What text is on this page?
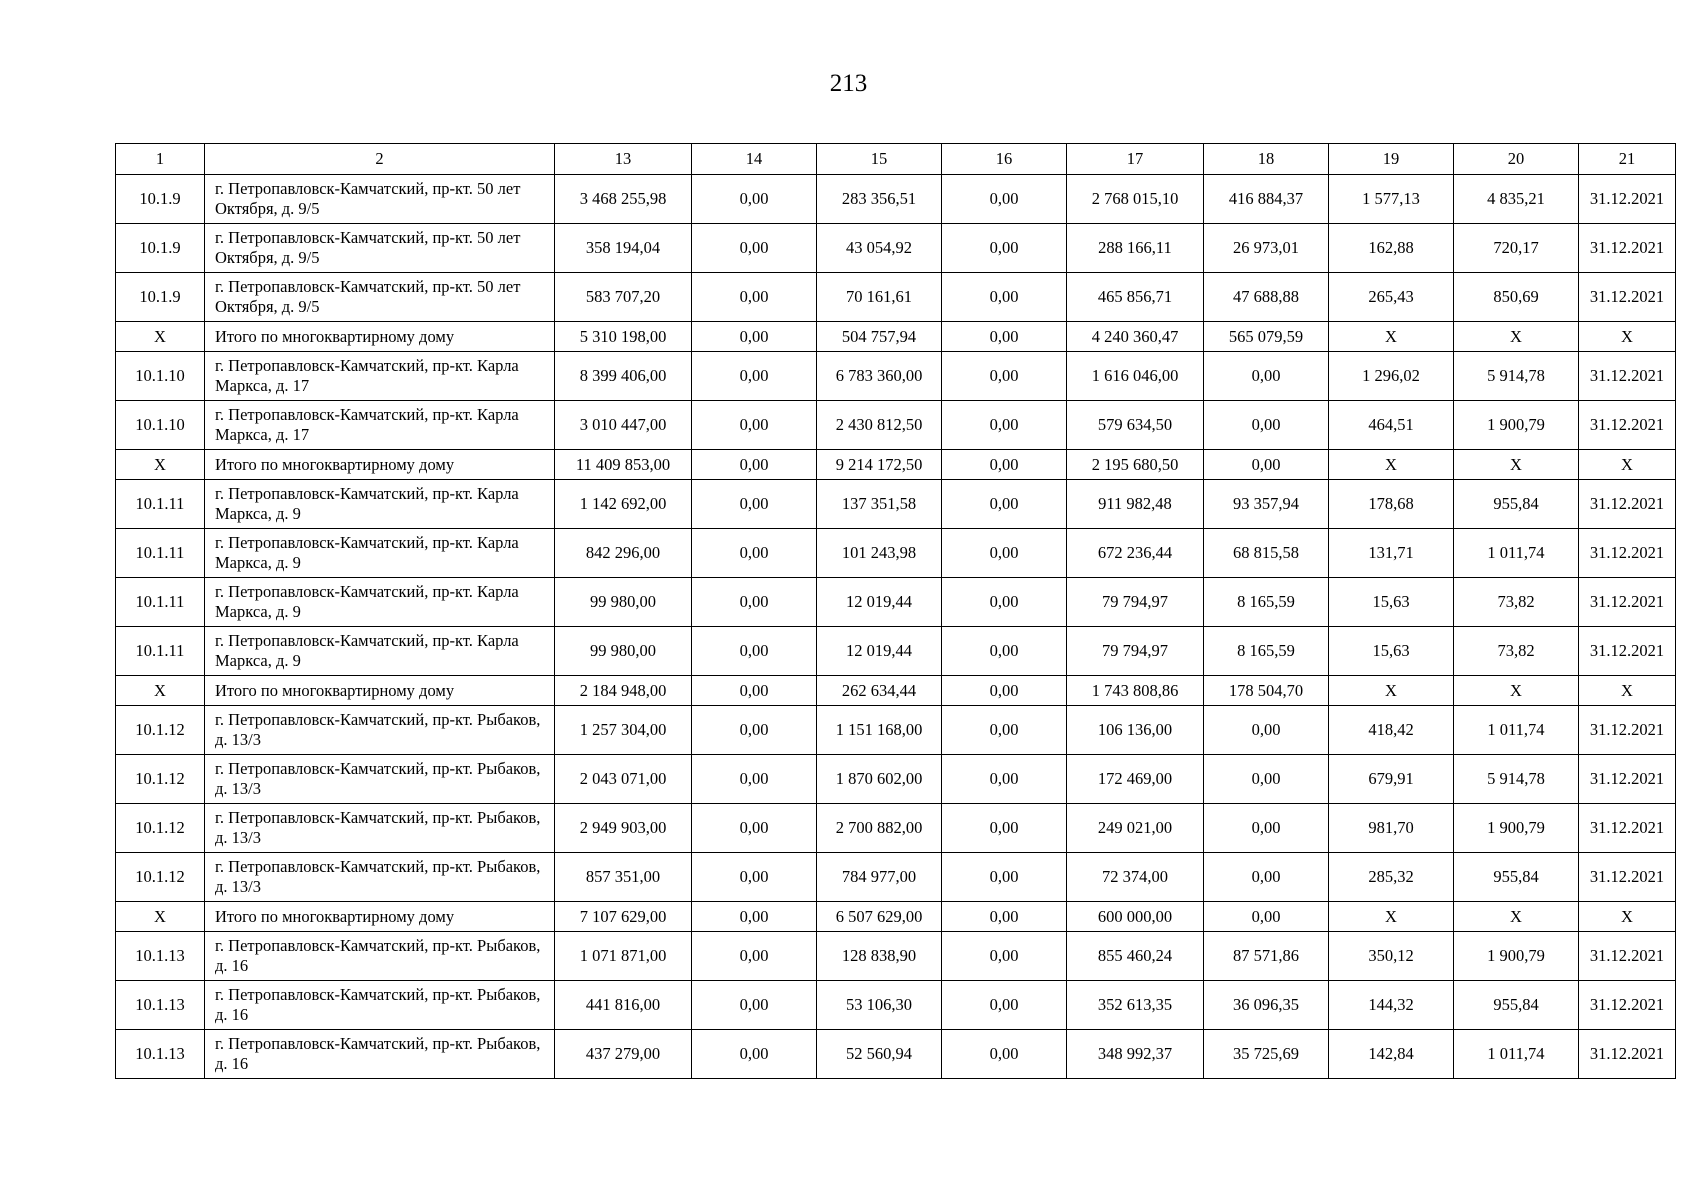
213
1	2	13	14	15	16	17	18	19	20	21
10.1.9	г. Петропавловск-Камчатский, пр-кт. 50 лет Октября, д. 9/5	3 468 255,98	0,00	283 356,51	0,00	2 768 015,10	416 884,37	1 577,13	4 835,21	31.12.2021
10.1.9	г. Петропавловск-Камчатский, пр-кт. 50 лет Октября, д. 9/5	358 194,04	0,00	43 054,92	0,00	288 166,11	26 973,01	162,88	720,17	31.12.2021
10.1.9	г. Петропавловск-Камчатский, пр-кт. 50 лет Октября, д. 9/5	583 707,20	0,00	70 161,61	0,00	465 856,71	47 688,88	265,43	850,69	31.12.2021
Х	Итого по многоквартирному дому	5 310 198,00	0,00	504 757,94	0,00	4 240 360,47	565 079,59	Х	Х	Х
10.1.10	г. Петропавловск-Камчатский, пр-кт. Карла Маркса, д. 17	8 399 406,00	0,00	6 783 360,00	0,00	1 616 046,00	0,00	1 296,02	5 914,78	31.12.2021
10.1.10	г. Петропавловск-Камчатский, пр-кт. Карла Маркса, д. 17	3 010 447,00	0,00	2 430 812,50	0,00	579 634,50	0,00	464,51	1 900,79	31.12.2021
Х	Итого по многоквартирному дому	11 409 853,00	0,00	9 214 172,50	0,00	2 195 680,50	0,00	Х	Х	Х
10.1.11	г. Петропавловск-Камчатский, пр-кт. Карла Маркса, д. 9	1 142 692,00	0,00	137 351,58	0,00	911 982,48	93 357,94	178,68	955,84	31.12.2021
10.1.11	г. Петропавловск-Камчатский, пр-кт. Карла Маркса, д. 9	842 296,00	0,00	101 243,98	0,00	672 236,44	68 815,58	131,71	1 011,74	31.12.2021
10.1.11	г. Петропавловск-Камчатский, пр-кт. Карла Маркса, д. 9	99 980,00	0,00	12 019,44	0,00	79 794,97	8 165,59	15,63	73,82	31.12.2021
10.1.11	г. Петропавловск-Камчатский, пр-кт. Карла Маркса, д. 9	99 980,00	0,00	12 019,44	0,00	79 794,97	8 165,59	15,63	73,82	31.12.2021
Х	Итого по многоквартирному дому	2 184 948,00	0,00	262 634,44	0,00	1 743 808,86	178 504,70	Х	Х	Х
10.1.12	г. Петропавловск-Камчатский, пр-кт. Рыбаков, д. 13/3	1 257 304,00	0,00	1 151 168,00	0,00	106 136,00	0,00	418,42	1 011,74	31.12.2021
10.1.12	г. Петропавловск-Камчатский, пр-кт. Рыбаков, д. 13/3	2 043 071,00	0,00	1 870 602,00	0,00	172 469,00	0,00	679,91	5 914,78	31.12.2021
10.1.12	г. Петропавловск-Камчатский, пр-кт. Рыбаков, д. 13/3	2 949 903,00	0,00	2 700 882,00	0,00	249 021,00	0,00	981,70	1 900,79	31.12.2021
10.1.12	г. Петропавловск-Камчатский, пр-кт. Рыбаков, д. 13/3	857 351,00	0,00	784 977,00	0,00	72 374,00	0,00	285,32	955,84	31.12.2021
Х	Итого по многоквартирному дому	7 107 629,00	0,00	6 507 629,00	0,00	600 000,00	0,00	Х	Х	Х
10.1.13	г. Петропавловск-Камчатский, пр-кт. Рыбаков, д. 16	1 071 871,00	0,00	128 838,90	0,00	855 460,24	87 571,86	350,12	1 900,79	31.12.2021
10.1.13	г. Петропавловск-Камчатский, пр-кт. Рыбаков, д. 16	441 816,00	0,00	53 106,30	0,00	352 613,35	36 096,35	144,32	955,84	31.12.2021
10.1.13	г. Петропавловск-Камчатский, пр-кт. Рыбаков, д. 16	437 279,00	0,00	52 560,94	0,00	348 992,37	35 725,69	142,84	1 011,74	31.12.2021
